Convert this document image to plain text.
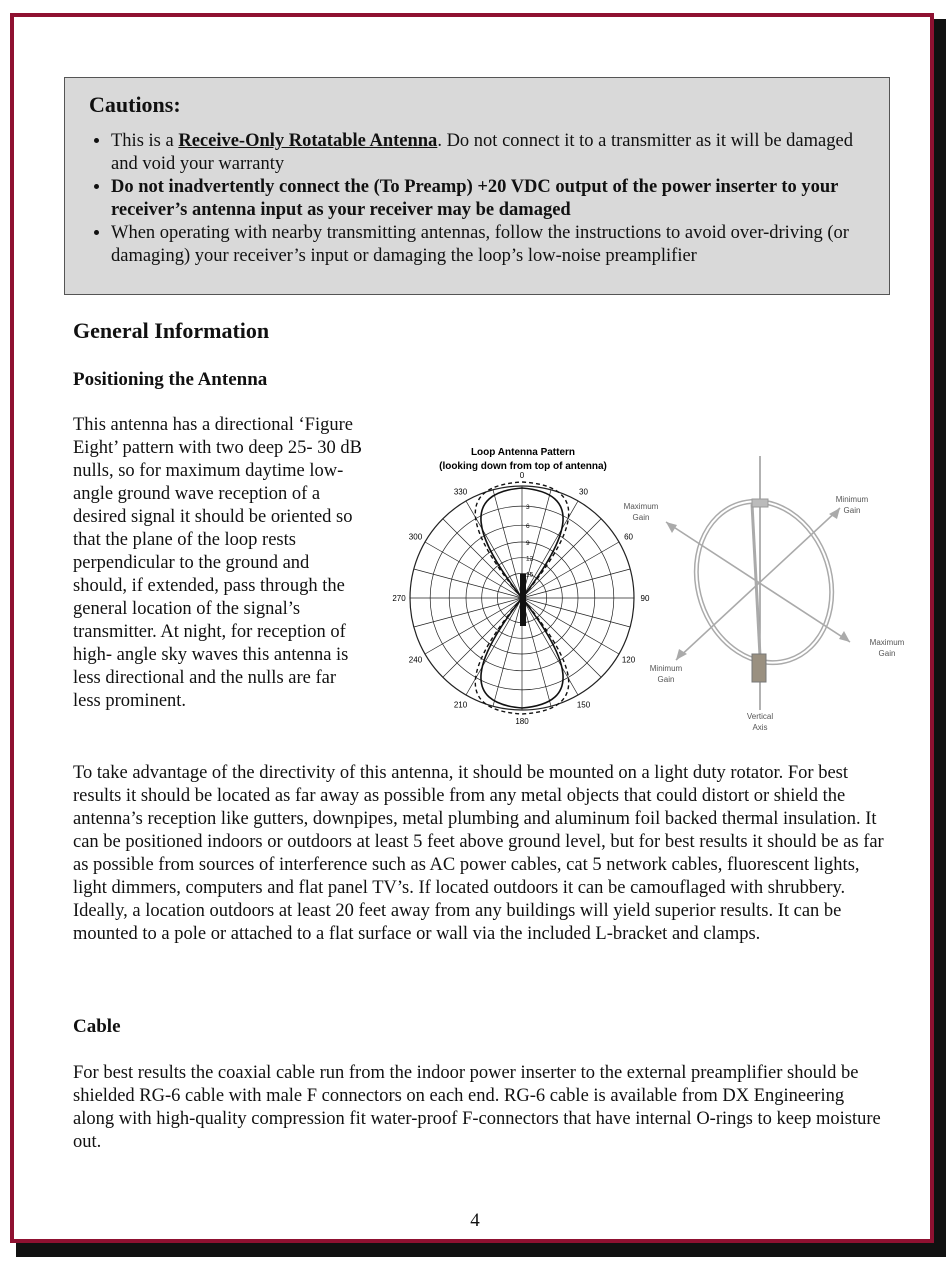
Cautions:
• This is a Receive-Only Rotatable Antenna. Do not connect it to a transmitter as it will be damaged and void your warranty
• Do not inadvertently connect the (To Preamp) +20 VDC output of the power inserter to your receiver’s antenna input as your receiver may be damaged
• When operating with nearby transmitting antennas, follow the instructions to avoid over-driving (or damaging) your receiver’s input or damaging the loop’s low-noise preamplifier
General Information
Positioning the Antenna

This antenna has a directional ‘Figure Eight’ pattern with two deep 25- 30 dB nulls, so for maximum daytime low-angle ground wave reception of a desired signal it should be oriented so that the plane of the loop rests perpendicular to the ground and should, if extended, pass through the general location of the signal’s transmitter. At night, for reception of high- angle sky waves this antenna is less directional and the nulls are far less prominent.

Loop Antenna Pattern
(looking down from top of antenna)
0
30
60
90
120
150
180
210
240
270
300
330
3
6
9
12
15
Maximum
Gain
Minimum
Gain
Maximum
Gain
Minimum
Gain
Vertical
Axis

To take advantage of the directivity of this antenna, it should be mounted on a light duty rotator. For best results it should be located as far away as possible from any metal objects that could distort or shield the antenna’s reception like gutters, downpipes, metal plumbing and aluminum foil backed thermal insulation. It can be positioned indoors or outdoors at least 5 feet above ground level, but for best results it should be as far as possible from sources of interference such as AC power cables, cat 5 network cables, fluorescent lights, light dimmers, computers and flat panel TV’s. If located outdoors it can be camouflaged with shrubbery. Ideally, a location outdoors at least 20 feet away from any buildings will yield superior results. It can be mounted to a pole or attached to a flat surface or wall via the included L-bracket and clamps.

Cable

For best results the coaxial cable run from the indoor power inserter to the external preamplifier should be shielded RG-6 cable with male F connectors on each end. RG-6 cable is available from DX Engineering along with high-quality compression fit water-proof F-connectors that have internal O-rings to keep moisture out.

4
